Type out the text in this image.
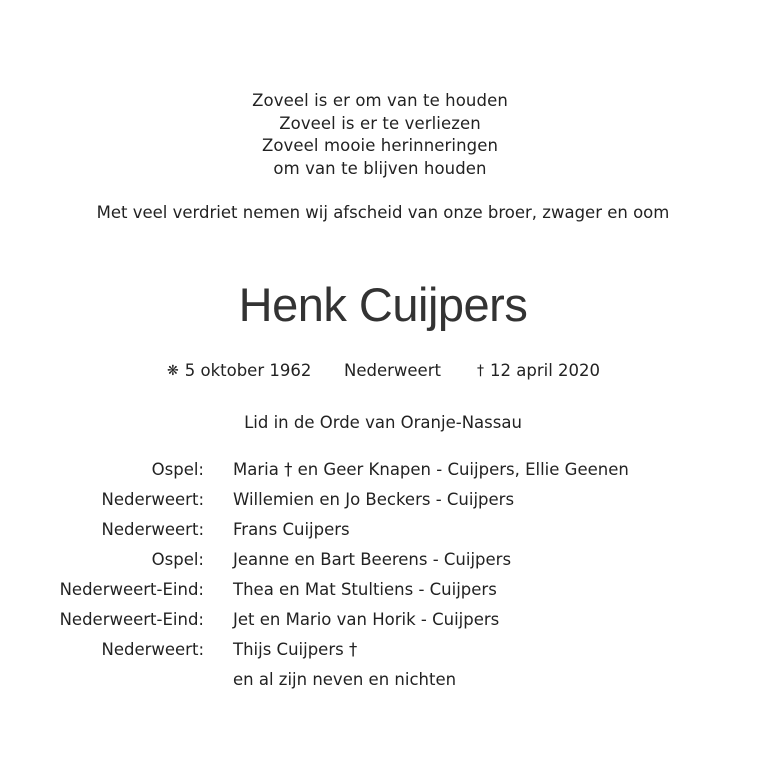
Zoveel is er om van te houden
Zoveel is er te verliezen
Zoveel mooie herinneringen
om van te blijven houden
Met veel verdriet nemen wij afscheid van onze broer, zwager en oom
Henk Cuijpers
❋ 5 oktober 1962 Nederweert	† 12 april 2020
Lid in de Orde van Oranje-Nassau
Ospel: Maria † en Geer Knapen - Cuijpers, Ellie Geenen
Nederweert: Willemien en Jo Beckers - Cuijpers
Nederweert: Frans Cuijpers
Ospel: Jeanne en Bart Beerens - Cuijpers
Nederweert-Eind: Thea en Mat Stultiens - Cuijpers
Nederweert-Eind: Jet en Mario van Horik - Cuijpers
Nederweert: Thijs Cuijpers †
en al zijn neven en nichten
